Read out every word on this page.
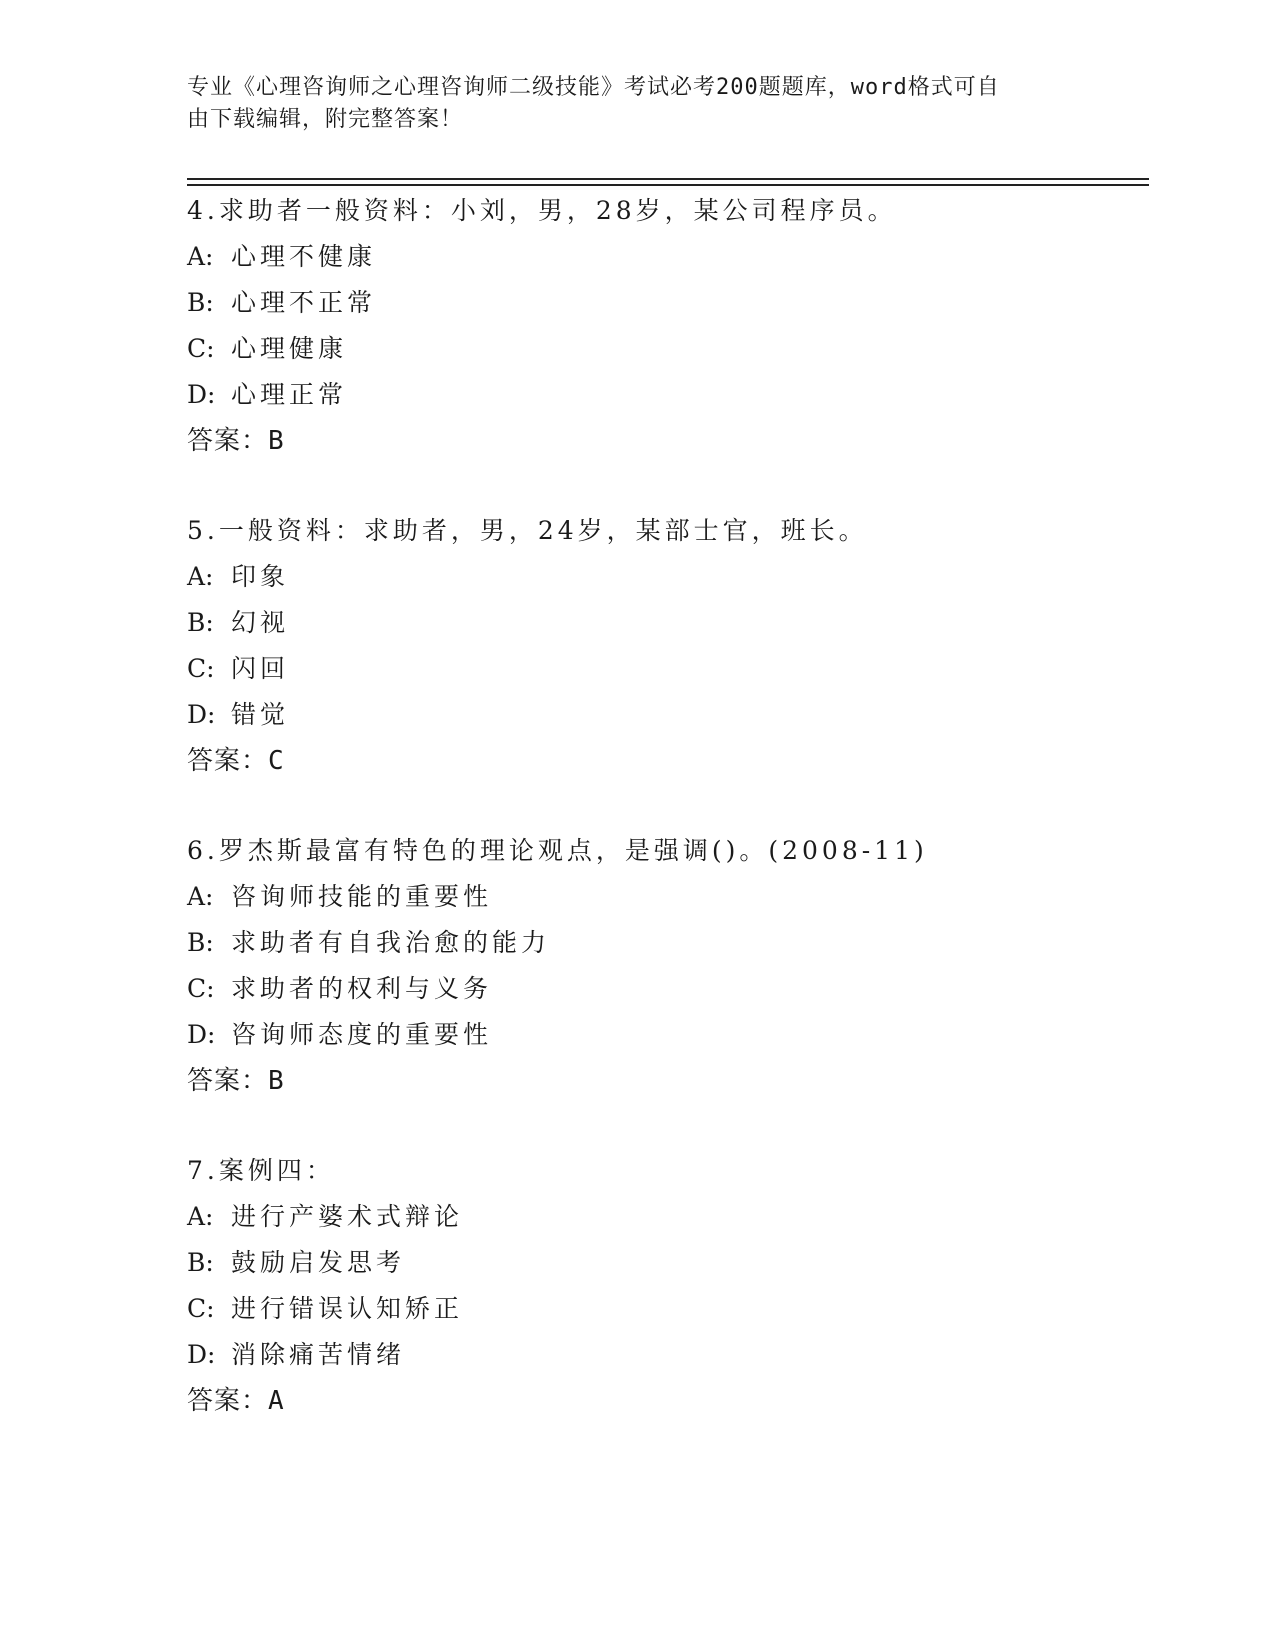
专业《心理咨询师之心理咨询师二级技能》考试必考200题题库，word格式可自
由下载编辑，附完整答案！
4.求助者一般资料：小刘，男，28岁，某公司程序员。
A: 心理不健康
B: 心理不正常
C: 心理健康
D: 心理正常
答案：B
5.一般资料：求助者，男，24岁，某部士官，班长。
A: 印象
B: 幻视
C: 闪回
D: 错觉
答案：C
6.罗杰斯最富有特色的理论观点，是强调()。(2008-11)
A: 咨询师技能的重要性
B: 求助者有自我治愈的能力
C: 求助者的权利与义务
D: 咨询师态度的重要性
答案：B
7.案例四：
A: 进行产婆术式辩论
B: 鼓励启发思考
C: 进行错误认知矫正
D: 消除痛苦情绪
答案：A
